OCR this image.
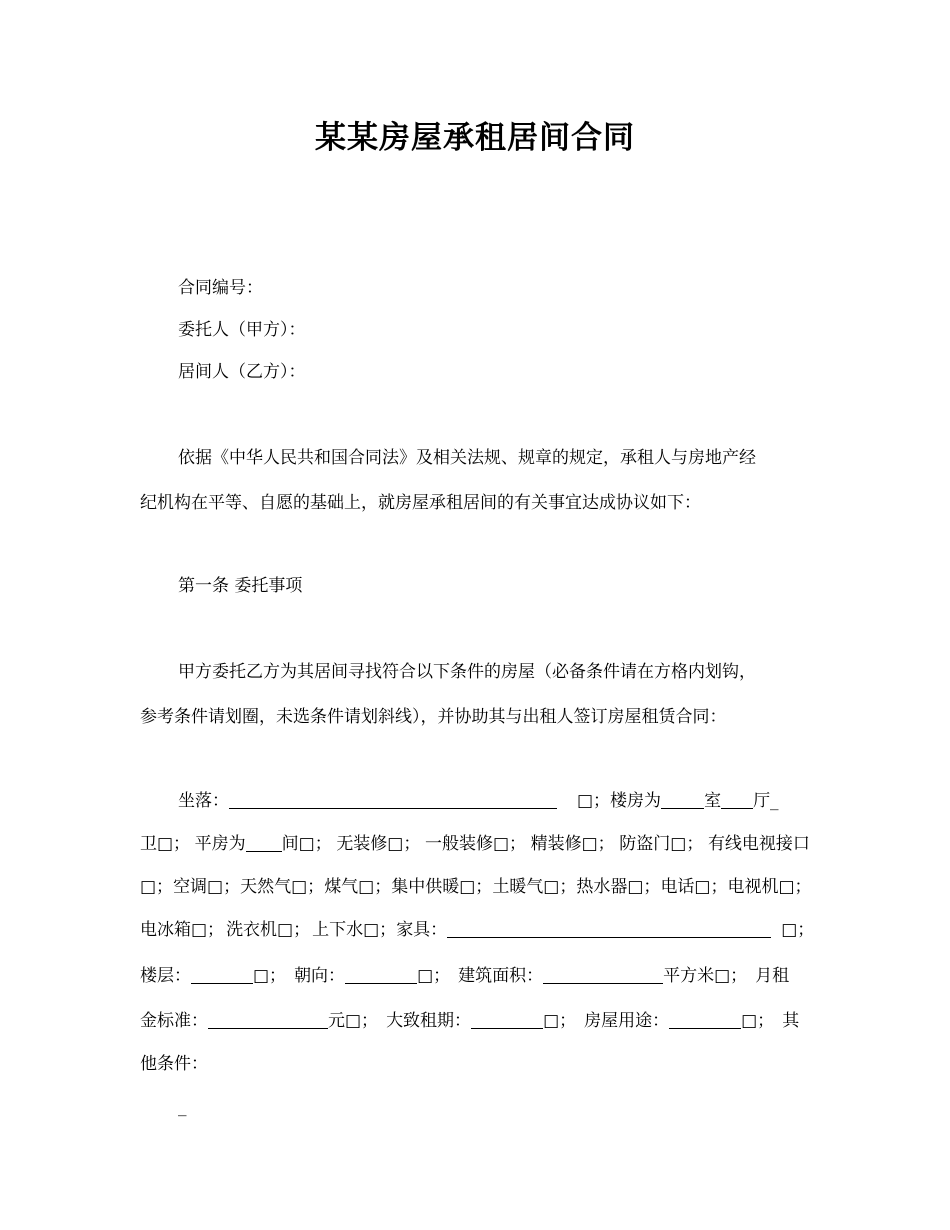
某某房屋承租居间合同

合同编号：

委托人（甲方）：

居间人（乙方）：

依据《中华人民共和国合同法》及相关法规、规章的规定，承租人与房地产经

纪机构在平等、自愿的基础上，就房屋承租居间的有关事宜达成协议如下：

第一条 委托事项

甲方委托乙方为其居间寻找符合以下条件的房屋（必备条件请在方格内划钩，

参考条件请划圈，未选条件请划斜线），并协助其与出租人签订房屋租赁合同：

坐落：	□；楼房为	室 厅_

卫□； 平房为 间□； 无装修□； 一般装修□； 精装修□； 防盗门□； 有线电视接口

□； 空调□； 天然气□； 煤气□； 集中供暖□； 土暖气□； 热水器□； 电话□； 电视机□；

电冰箱□； 洗衣机□； 上下水□；家具：	□；

楼层：	□； 朝向：	□； 建筑面积：	平方米□； 月租

金标准：	元□； 大致租期：	□； 房屋用途：	□； 其

他条件：

_
